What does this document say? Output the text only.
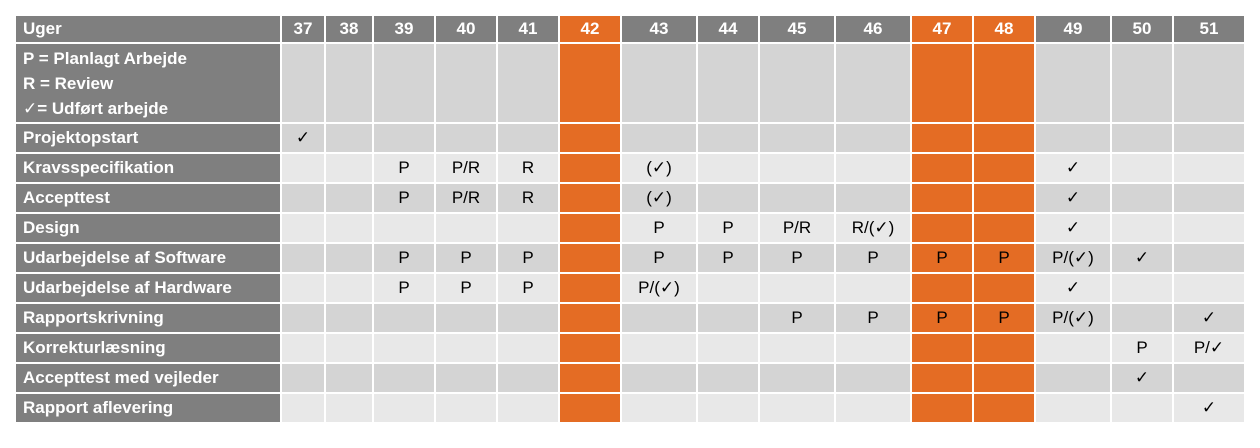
Uger	37	38	39	40	41	42	43	44	45	46	47	48	49	50	51

P = Planlagt Arbejde
R = Review
✓= Udført arbejde															

Projektopstart	✓														
Kravsspecifikation			P	P/R	R		(✓)						✓		
Accepttest			P	P/R	R		(✓)						✓		
Design							P	P	P/R	R/(✓)			✓		
Udarbejdelse af Software			P	P	P		P	P	P	P	P	P	P/(✓)	✓	
Udarbejdelse af Hardware			P	P	P		P/(✓)						✓		
Rapportskrivning									P	P	P	P	P/(✓)		✓
Korrekturlæsning														P	P/✓
Accepttest med vejleder														✓	
Rapport aflevering															✓
